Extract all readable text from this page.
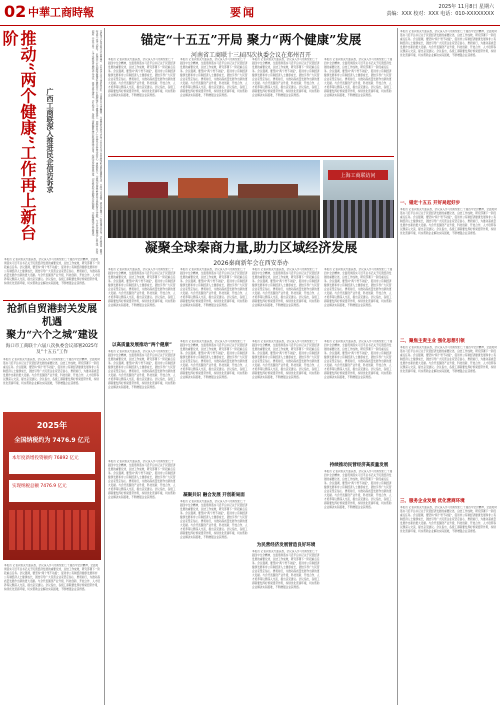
02 中華工商時報	要闻	2025年 11月8日 星期六
责编：XXX 校对：XXX 电话：010-XXXXXXXX
推动“两个健康”工作再上新台阶
广西工商联深入推进民企信访诉求	本报讯 记者从相关方面获悉，会议深入学习贯彻党的二十届四中全会精神，全面贯彻落实习近平总书记关于民营经济发展的重要论述，总结工作成效，研究部署下一阶段重点任务。会议强调，要坚持“两个毫不动摇”，促进非公有制经济健康发展和非公有制经济人士健康成长，团结引导广大民营企业家坚定信心、勇毅前行，为推动高质量发展作出新的更大贡献。与会代表围绕产业升级、科技创新、开放合作、人才培养等议题深入交流，提出意见建议。会议指出，各级工商联要发挥好桥梁纽带作用，持续优化营商环境，切实帮助企业解决实际困难，不断增强企业获得感。
本报讯 记者从相关方面获悉，会议深入学习贯彻党的二十届四中全会精神，全面贯彻落实习近平总书记关于民营经济发展的重要论述，总结工作成效，研究部署下一阶段重点任务。会议强调，要坚持“两个毫不动摇”，促进非公有制经济健康发展和非公有制经济人士健康成长，团结引导广大民营企业家坚定信心、勇毅前行，为推动高质量发展作出新的更大贡献。与会代表围绕产业升级、科技创新、开放合作、人才培养等议题深入交流，提出意见建议。会议指出，各级工商联要发挥好桥梁纽带作用，持续优化营商环境，切实帮助企业解决实际困难，不断增强企业获得感。
抢抓自贸港封关发展机遇
聚力“六个之城”建设
海口市工商联十六届八次执委会议部署2025年及“十五五”工作
本报讯 记者从相关方面获悉，会议深入学习贯彻党的二十届四中全会精神，全面贯彻落实习近平总书记关于民营经济发展的重要论述，总结工作成效，研究部署下一阶段重点任务。会议强调，要坚持“两个毫不动摇”，促进非公有制经济健康发展和非公有制经济人士健康成长，团结引导广大民营企业家坚定信心、勇毅前行，为推动高质量发展作出新的更大贡献。与会代表围绕产业升级、科技创新、开放合作、人才培养等议题深入交流，提出意见建议。会议指出，各级工商联要发挥好桥梁纽带作用，持续优化营商环境，切实帮助企业解决实际困难，不断增强企业获得感。
2025年
全国纳税约为 7476.9 亿元
本年度新增投资额约 76892 亿元
实现纳税总额 7476.9 亿元
本报讯 记者从相关方面获悉，会议深入学习贯彻党的二十届四中全会精神，全面贯彻落实习近平总书记关于民营经济发展的重要论述，总结工作成效，研究部署下一阶段重点任务。会议强调，要坚持“两个毫不动摇”，促进非公有制经济健康发展和非公有制经济人士健康成长，团结引导广大民营企业家坚定信心、勇毅前行，为推动高质量发展作出新的更大贡献。与会代表围绕产业升级、科技创新、开放合作、人才培养等议题深入交流，提出意见建议。会议指出，各级工商联要发挥好桥梁纽带作用，持续优化营商环境，切实帮助企业解决实际困难，不断增强企业获得感。
锚定“十五五”开局 聚力“两个健康”发展
河南省工商联十三届四次执委会议在郑州召开
本报讯 记者从相关方面获悉，会议深入学习贯彻党的二十届四中全会精神，全面贯彻落实习近平总书记关于民营经济发展的重要论述，总结工作成效，研究部署下一阶段重点任务。会议强调，要坚持“两个毫不动摇”，促进非公有制经济健康发展和非公有制经济人士健康成长，团结引导广大民营企业家坚定信心、勇毅前行，为推动高质量发展作出新的更大贡献。与会代表围绕产业升级、科技创新、开放合作、人才培养等议题深入交流，提出意见建议。会议指出，各级工商联要发挥好桥梁纽带作用，持续优化营商环境，切实帮助企业解决实际困难，不断增强企业获得感。
本报讯 记者从相关方面获悉，会议深入学习贯彻党的二十届四中全会精神，全面贯彻落实习近平总书记关于民营经济发展的重要论述，总结工作成效，研究部署下一阶段重点任务。会议强调，要坚持“两个毫不动摇”，促进非公有制经济健康发展和非公有制经济人士健康成长，团结引导广大民营企业家坚定信心、勇毅前行，为推动高质量发展作出新的更大贡献。与会代表围绕产业升级、科技创新、开放合作、人才培养等议题深入交流，提出意见建议。会议指出，各级工商联要发挥好桥梁纽带作用，持续优化营商环境，切实帮助企业解决实际困难，不断增强企业获得感。
本报讯 记者从相关方面获悉，会议深入学习贯彻党的二十届四中全会精神，全面贯彻落实习近平总书记关于民营经济发展的重要论述，总结工作成效，研究部署下一阶段重点任务。会议强调，要坚持“两个毫不动摇”，促进非公有制经济健康发展和非公有制经济人士健康成长，团结引导广大民营企业家坚定信心、勇毅前行，为推动高质量发展作出新的更大贡献。与会代表围绕产业升级、科技创新、开放合作、人才培养等议题深入交流，提出意见建议。会议指出，各级工商联要发挥好桥梁纽带作用，持续优化营商环境，切实帮助企业解决实际困难，不断增强企业获得感。
本报讯 记者从相关方面获悉，会议深入学习贯彻党的二十届四中全会精神，全面贯彻落实习近平总书记关于民营经济发展的重要论述，总结工作成效，研究部署下一阶段重点任务。会议强调，要坚持“两个毫不动摇”，促进非公有制经济健康发展和非公有制经济人士健康成长，团结引导广大民营企业家坚定信心、勇毅前行，为推动高质量发展作出新的更大贡献。与会代表围绕产业升级、科技创新、开放合作、人才培养等议题深入交流，提出意见建议。会议指出，各级工商联要发挥好桥梁纽带作用，持续优化营商环境，切实帮助企业解决实际困难，不断增强企业获得感。
上海工商联访问
凝聚全球秦商力量,助力区域经济发展
2026秦商新年会在西安举办
本报讯 记者从相关方面获悉，会议深入学习贯彻党的二十届四中全会精神，全面贯彻落实习近平总书记关于民营经济发展的重要论述，总结工作成效，研究部署下一阶段重点任务。会议强调，要坚持“两个毫不动摇”，促进非公有制经济健康发展和非公有制经济人士健康成长，团结引导广大民营企业家坚定信心、勇毅前行，为推动高质量发展作出新的更大贡献。与会代表围绕产业升级、科技创新、开放合作、人才培养等议题深入交流，提出意见建议。会议指出，各级工商联要发挥好桥梁纽带作用，持续优化营商环境，切实帮助企业解决实际困难，不断增强企业获得感。
本报讯 记者从相关方面获悉，会议深入学习贯彻党的二十届四中全会精神，全面贯彻落实习近平总书记关于民营经济发展的重要论述，总结工作成效，研究部署下一阶段重点任务。会议强调，要坚持“两个毫不动摇”，促进非公有制经济健康发展和非公有制经济人士健康成长，团结引导广大民营企业家坚定信心、勇毅前行，为推动高质量发展作出新的更大贡献。与会代表围绕产业升级、科技创新、开放合作、人才培养等议题深入交流，提出意见建议。会议指出，各级工商联要发挥好桥梁纽带作用，持续优化营商环境，切实帮助企业解决实际困难，不断增强企业获得感。
本报讯 记者从相关方面获悉，会议深入学习贯彻党的二十届四中全会精神，全面贯彻落实习近平总书记关于民营经济发展的重要论述，总结工作成效，研究部署下一阶段重点任务。会议强调，要坚持“两个毫不动摇”，促进非公有制经济健康发展和非公有制经济人士健康成长，团结引导广大民营企业家坚定信心、勇毅前行，为推动高质量发展作出新的更大贡献。与会代表围绕产业升级、科技创新、开放合作、人才培养等议题深入交流，提出意见建议。会议指出，各级工商联要发挥好桥梁纽带作用，持续优化营商环境，切实帮助企业解决实际困难，不断增强企业获得感。
本报讯 记者从相关方面获悉，会议深入学习贯彻党的二十届四中全会精神，全面贯彻落实习近平总书记关于民营经济发展的重要论述，总结工作成效，研究部署下一阶段重点任务。会议强调，要坚持“两个毫不动摇”，促进非公有制经济健康发展和非公有制经济人士健康成长，团结引导广大民营企业家坚定信心、勇毅前行，为推动高质量发展作出新的更大贡献。与会代表围绕产业升级、科技创新、开放合作、人才培养等议题深入交流，提出意见建议。会议指出，各级工商联要发挥好桥梁纽带作用，持续优化营商环境，切实帮助企业解决实际困难，不断增强企业获得感。
以高质量发展推动“两个健康”
本报讯 记者从相关方面获悉，会议深入学习贯彻党的二十届四中全会精神，全面贯彻落实习近平总书记关于民营经济发展的重要论述，总结工作成效，研究部署下一阶段重点任务。会议强调，要坚持“两个毫不动摇”，促进非公有制经济健康发展和非公有制经济人士健康成长，团结引导广大民营企业家坚定信心、勇毅前行，为推动高质量发展作出新的更大贡献。与会代表围绕产业升级、科技创新、开放合作、人才培养等议题深入交流，提出意见建议。会议指出，各级工商联要发挥好桥梁纽带作用，持续优化营商环境，切实帮助企业解决实际困难，不断增强企业获得感。
本报讯 记者从相关方面获悉，会议深入学习贯彻党的二十届四中全会精神，全面贯彻落实习近平总书记关于民营经济发展的重要论述，总结工作成效，研究部署下一阶段重点任务。会议强调，要坚持“两个毫不动摇”，促进非公有制经济健康发展和非公有制经济人士健康成长，团结引导广大民营企业家坚定信心、勇毅前行，为推动高质量发展作出新的更大贡献。与会代表围绕产业升级、科技创新、开放合作、人才培养等议题深入交流，提出意见建议。会议指出，各级工商联要发挥好桥梁纽带作用，持续优化营商环境，切实帮助企业解决实际困难，不断增强企业获得感。
本报讯 记者从相关方面获悉，会议深入学习贯彻党的二十届四中全会精神，全面贯彻落实习近平总书记关于民营经济发展的重要论述，总结工作成效，研究部署下一阶段重点任务。会议强调，要坚持“两个毫不动摇”，促进非公有制经济健康发展和非公有制经济人士健康成长，团结引导广大民营企业家坚定信心、勇毅前行，为推动高质量发展作出新的更大贡献。与会代表围绕产业升级、科技创新、开放合作、人才培养等议题深入交流，提出意见建议。会议指出，各级工商联要发挥好桥梁纽带作用，持续优化营商环境，切实帮助企业解决实际困难，不断增强企业获得感。
凝聚共识 融合发展 开创新局面
本报讯 记者从相关方面获悉，会议深入学习贯彻党的二十届四中全会精神，全面贯彻落实习近平总书记关于民营经济发展的重要论述，总结工作成效，研究部署下一阶段重点任务。会议强调，要坚持“两个毫不动摇”，促进非公有制经济健康发展和非公有制经济人士健康成长，团结引导广大民营企业家坚定信心、勇毅前行，为推动高质量发展作出新的更大贡献。与会代表围绕产业升级、科技创新、开放合作、人才培养等议题深入交流，提出意见建议。会议指出，各级工商联要发挥好桥梁纽带作用，持续优化营商环境，切实帮助企业解决实际困难，不断增强企业获得感。
本报讯 记者从相关方面获悉，会议深入学习贯彻党的二十届四中全会精神，全面贯彻落实习近平总书记关于民营经济发展的重要论述，总结工作成效，研究部署下一阶段重点任务。会议强调，要坚持“两个毫不动摇”，促进非公有制经济健康发展和非公有制经济人士健康成长，团结引导广大民营企业家坚定信心、勇毅前行，为推动高质量发展作出新的更大贡献。与会代表围绕产业升级、科技创新、开放合作、人才培养等议题深入交流，提出意见建议。会议指出，各级工商联要发挥好桥梁纽带作用，持续优化营商环境，切实帮助企业解决实际困难，不断增强企业获得感。
为民营经济发展营造良好环境
本报讯 记者从相关方面获悉，会议深入学习贯彻党的二十届四中全会精神，全面贯彻落实习近平总书记关于民营经济发展的重要论述，总结工作成效，研究部署下一阶段重点任务。会议强调，要坚持“两个毫不动摇”，促进非公有制经济健康发展和非公有制经济人士健康成长，团结引导广大民营企业家坚定信心、勇毅前行，为推动高质量发展作出新的更大贡献。与会代表围绕产业升级、科技创新、开放合作、人才培养等议题深入交流，提出意见建议。会议指出，各级工商联要发挥好桥梁纽带作用，持续优化营商环境，切实帮助企业解决实际困难，不断增强企业获得感。
本报讯 记者从相关方面获悉，会议深入学习贯彻党的二十届四中全会精神，全面贯彻落实习近平总书记关于民营经济发展的重要论述，总结工作成效，研究部署下一阶段重点任务。会议强调，要坚持“两个毫不动摇”，促进非公有制经济健康发展和非公有制经济人士健康成长，团结引导广大民营企业家坚定信心、勇毅前行，为推动高质量发展作出新的更大贡献。与会代表围绕产业升级、科技创新、开放合作、人才培养等议题深入交流，提出意见建议。会议指出，各级工商联要发挥好桥梁纽带作用，持续优化营商环境，切实帮助企业解决实际困难，不断增强企业获得感。
持续推动民营经济高质量发展
本报讯 记者从相关方面获悉，会议深入学习贯彻党的二十届四中全会精神，全面贯彻落实习近平总书记关于民营经济发展的重要论述，总结工作成效，研究部署下一阶段重点任务。会议强调，要坚持“两个毫不动摇”，促进非公有制经济健康发展和非公有制经济人士健康成长，团结引导广大民营企业家坚定信心、勇毅前行，为推动高质量发展作出新的更大贡献。与会代表围绕产业升级、科技创新、开放合作、人才培养等议题深入交流，提出意见建议。会议指出，各级工商联要发挥好桥梁纽带作用，持续优化营商环境，切实帮助企业解决实际困难，不断增强企业获得感。
本报讯 记者从相关方面获悉，会议深入学习贯彻党的二十届四中全会精神，全面贯彻落实习近平总书记关于民营经济发展的重要论述，总结工作成效，研究部署下一阶段重点任务。会议强调，要坚持“两个毫不动摇”，促进非公有制经济健康发展和非公有制经济人士健康成长，团结引导广大民营企业家坚定信心、勇毅前行，为推动高质量发展作出新的更大贡献。与会代表围绕产业升级、科技创新、开放合作、人才培养等议题深入交流，提出意见建议。会议指出，各级工商联要发挥好桥梁纽带作用，持续优化营商环境，切实帮助企业解决实际困难，不断增强企业获得感。
一、锚定十五五 开好局起好步
本报讯 记者从相关方面获悉，会议深入学习贯彻党的二十届四中全会精神，全面贯彻落实习近平总书记关于民营经济发展的重要论述，总结工作成效，研究部署下一阶段重点任务。会议强调，要坚持“两个毫不动摇”，促进非公有制经济健康发展和非公有制经济人士健康成长，团结引导广大民营企业家坚定信心、勇毅前行，为推动高质量发展作出新的更大贡献。与会代表围绕产业升级、科技创新、开放合作、人才培养等议题深入交流，提出意见建议。会议指出，各级工商联要发挥好桥梁纽带作用，持续优化营商环境，切实帮助企业解决实际困难，不断增强企业获得感。
二、聚焦主责主业 强化思想引领
本报讯 记者从相关方面获悉，会议深入学习贯彻党的二十届四中全会精神，全面贯彻落实习近平总书记关于民营经济发展的重要论述，总结工作成效，研究部署下一阶段重点任务。会议强调，要坚持“两个毫不动摇”，促进非公有制经济健康发展和非公有制经济人士健康成长，团结引导广大民营企业家坚定信心、勇毅前行，为推动高质量发展作出新的更大贡献。与会代表围绕产业升级、科技创新、开放合作、人才培养等议题深入交流，提出意见建议。会议指出，各级工商联要发挥好桥梁纽带作用，持续优化营商环境，切实帮助企业解决实际困难，不断增强企业获得感。
三、服务企业发展 优化营商环境
本报讯 记者从相关方面获悉，会议深入学习贯彻党的二十届四中全会精神，全面贯彻落实习近平总书记关于民营经济发展的重要论述，总结工作成效，研究部署下一阶段重点任务。会议强调，要坚持“两个毫不动摇”，促进非公有制经济健康发展和非公有制经济人士健康成长，团结引导广大民营企业家坚定信心、勇毅前行，为推动高质量发展作出新的更大贡献。与会代表围绕产业升级、科技创新、开放合作、人才培养等议题深入交流，提出意见建议。会议指出，各级工商联要发挥好桥梁纽带作用，持续优化营商环境，切实帮助企业解决实际困难，不断增强企业获得感。
